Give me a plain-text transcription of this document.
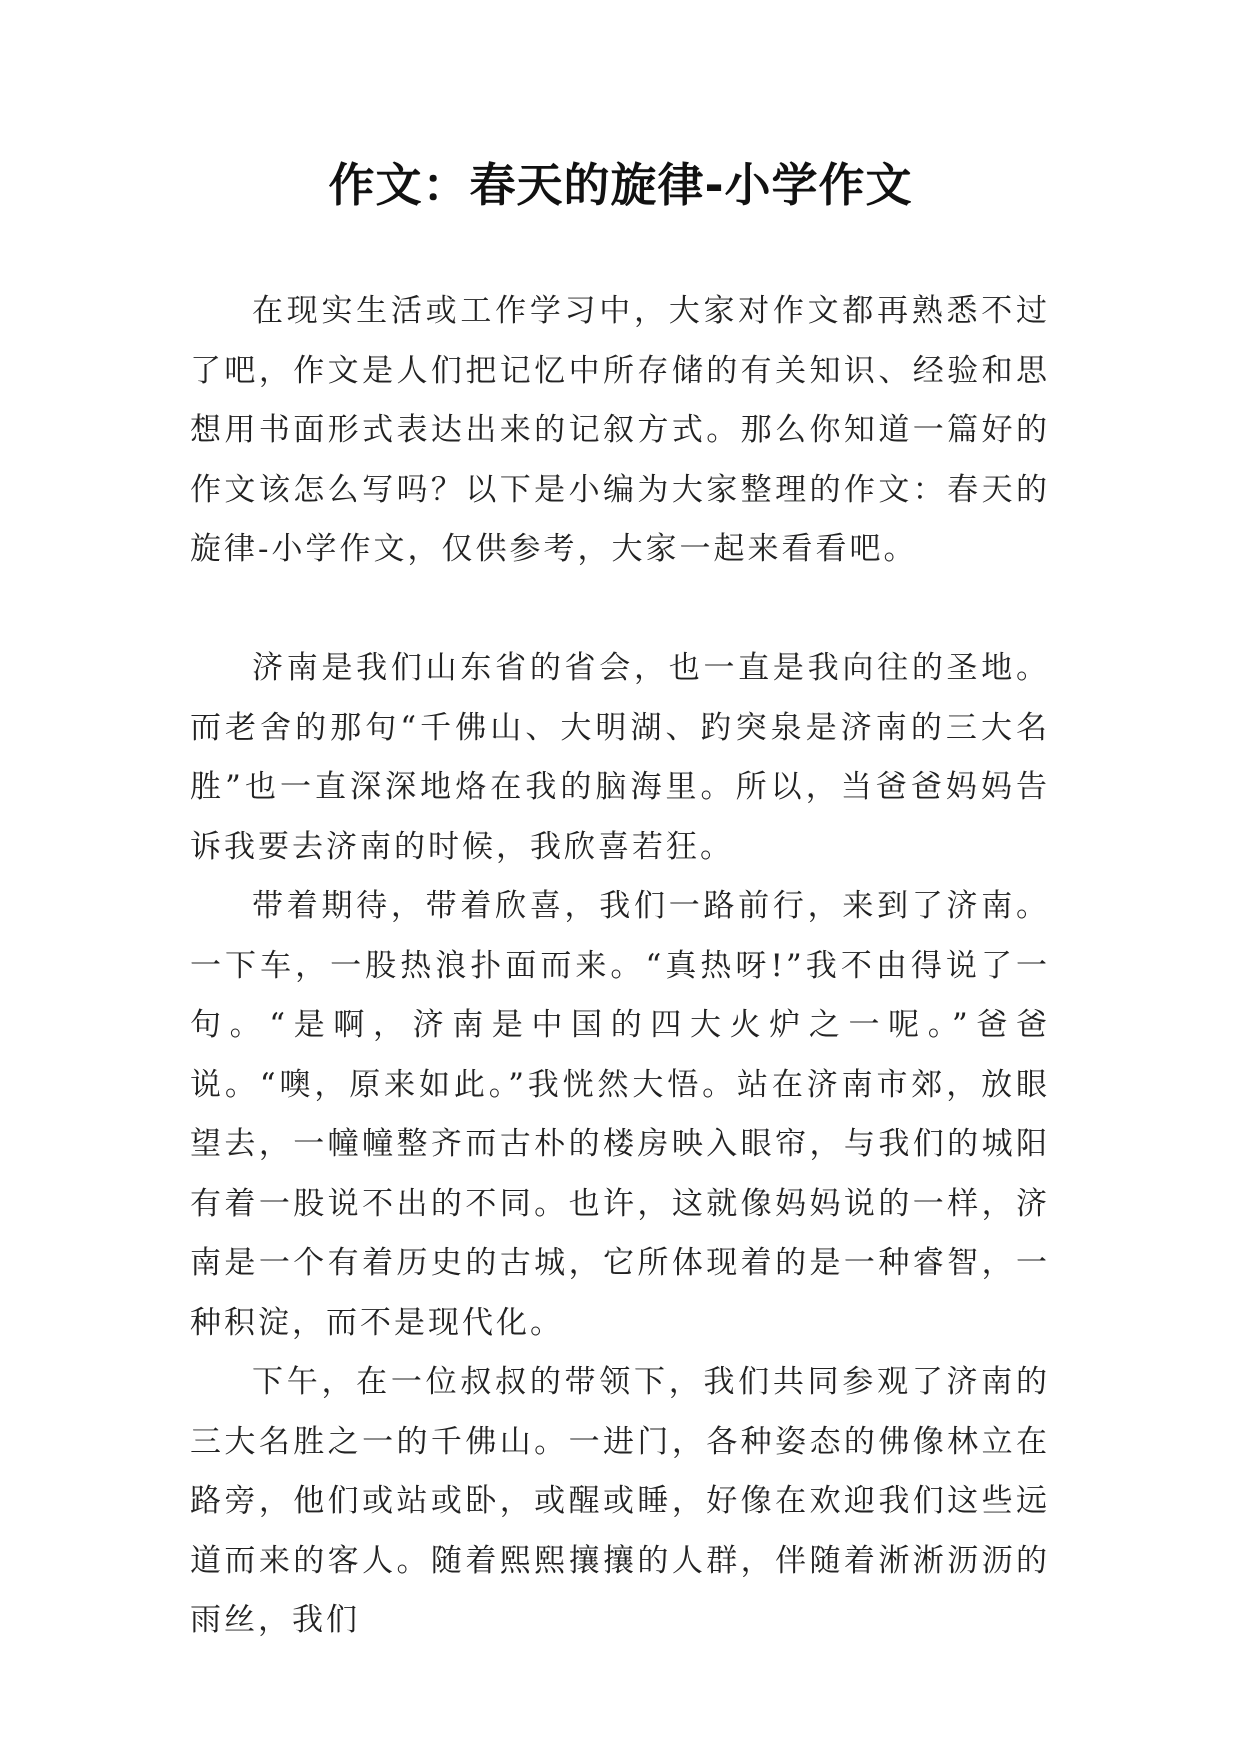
作文：春天的旋律-小学作文

在现实生活或工作学习中，大家对作文都再熟悉不过了吧，作文是人们把记忆中所存储的有关知识、经验和思想用书面形式表达出来的记叙方式。那么你知道一篇好的作文该怎么写吗？以下是小编为大家整理的作文：春天的旋律-小学作文，仅供参考，大家一起来看看吧。

济南是我们山东省的省会，也一直是我向往的圣地。而老舍的那句“千佛山、大明湖、趵突泉是济南的三大名胜”也一直深深地烙在我的脑海里。所以，当爸爸妈妈告诉我要去济南的时候，我欣喜若狂。

带着期待，带着欣喜，我们一路前行，来到了济南。一下车，一股热浪扑面而来。“真热呀!”我不由得说了一句。“是啊，济南是中国的四大火炉之一呢。”爸爸说。“噢，原来如此。”我恍然大悟。站在济南市郊，放眼望去，一幢幢整齐而古朴的楼房映入眼帘，与我们的城阳有着一股说不出的不同。也许，这就像妈妈说的一样，济南是一个有着历史的古城，它所体现着的是一种睿智，一种积淀，而不是现代化。

下午，在一位叔叔的带领下，我们共同参观了济南的三大名胜之一的千佛山。一进门，各种姿态的佛像林立在路旁，他们或站或卧，或醒或睡，好像在欢迎我们这些远道而来的客人。随着熙熙攘攘的人群，伴随着淅淅沥沥的雨丝，我们
